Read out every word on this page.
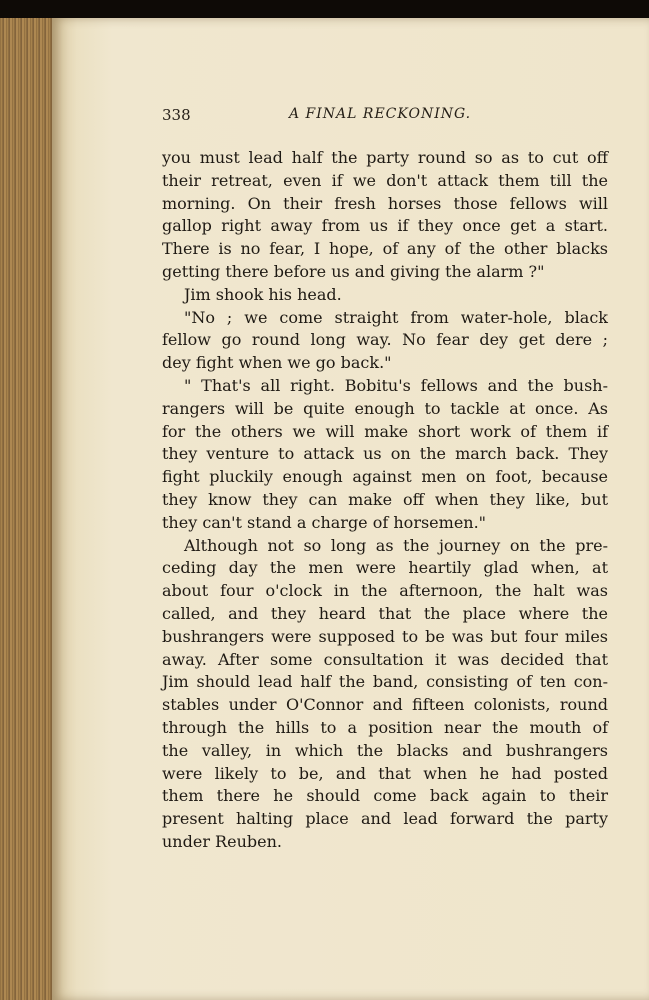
338	A FINAL RECKONING.
you must lead half the party round so as to cut off
their retreat, even if we don't attack them till the
morning. On their fresh horses those fellows will
gallop right away from us if they once get a start.
There is no fear, I hope, of any of the other blacks
getting there before us and giving the alarm ?"
Jim shook his head.
"No ; we come straight from water-hole, black
fellow go round long way. No fear dey get dere ;
dey fight when we go back."
" That's all right. Bobitu's fellows and the bush-
rangers will be quite enough to tackle at once. As
for the others we will make short work of them if
they venture to attack us on the march back. They
fight pluckily enough against men on foot, because
they know they can make off when they like, but
they can't stand a charge of horsemen."
Although not so long as the journey on the pre-
ceding day the men were heartily glad when, at
about four o'clock in the afternoon, the halt was
called, and they heard that the place where the
bushrangers were supposed to be was but four miles
away. After some consultation it was decided that
Jim should lead half the band, consisting of ten con-
stables under O'Connor and fifteen colonists, round
through the hills to a position near the mouth of
the valley, in which the blacks and bushrangers
were likely to be, and that when he had posted
them there he should come back again to their
present halting place and lead forward the party
under Reuben.
